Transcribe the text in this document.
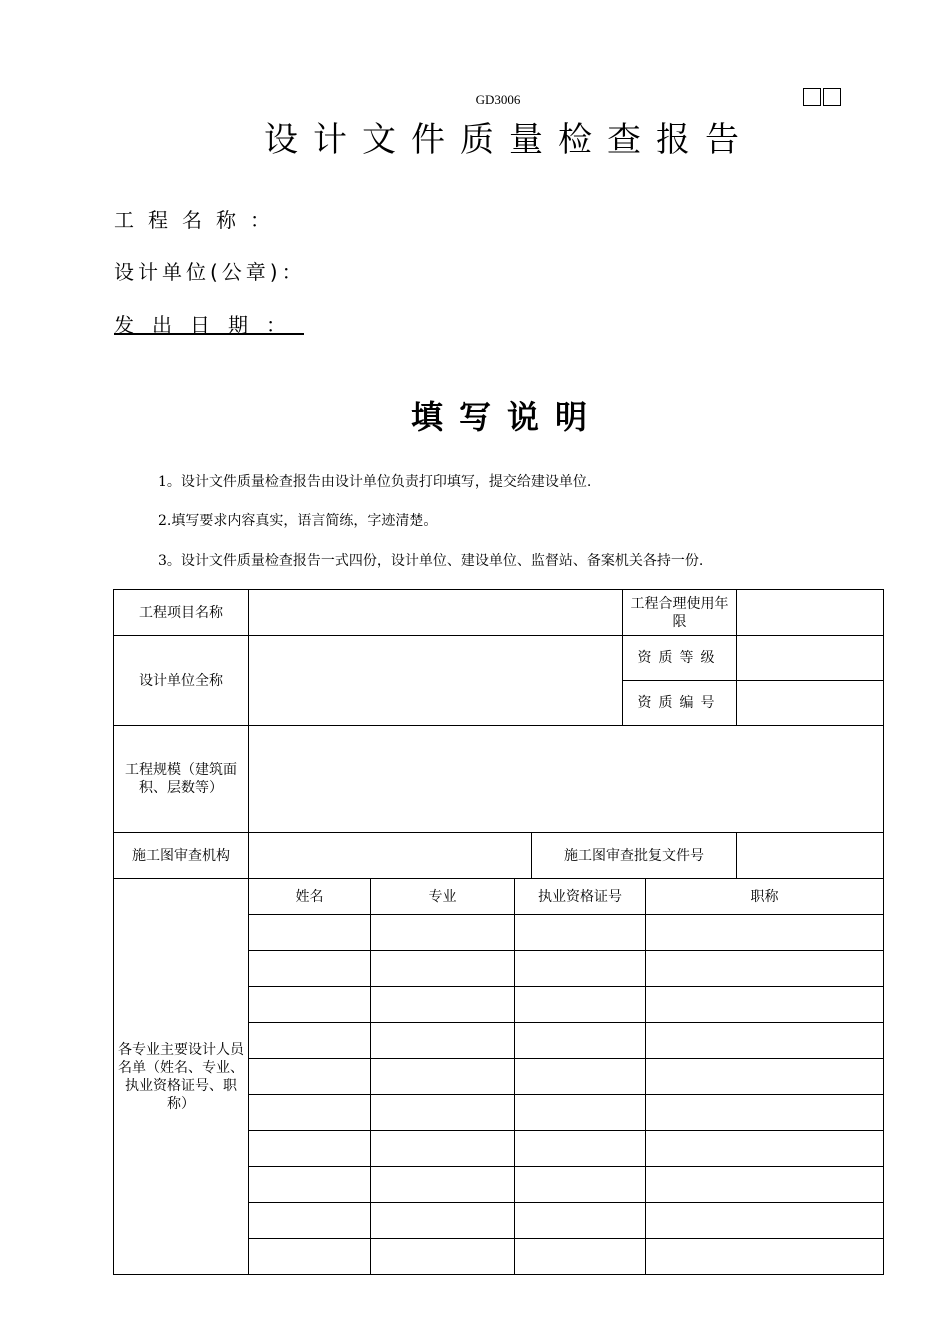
GD3006
设计文件质量检查报告
工程名称：
设计单位(公章)：
发出日期：
填写说明
1。设计文件质量检查报告由设计单位负责打印填写，提交给建设单位.
2.填写要求内容真实，语言简练，字迹清楚。
3。设计文件质量检查报告一式四份，设计单位、建设单位、监督站、备案机关各持一份.
工程项目名称					工程合理使用年限		
设计单位全称					资质等级		
					资质编号		
工程规模（建筑面积、层数等）							
施工图审查机构				施工图审查批复文件号			
各专业主要设计人员名单（姓名、专业、执业资格证号、职称）	姓名	专业	执业资格证号			职称	
